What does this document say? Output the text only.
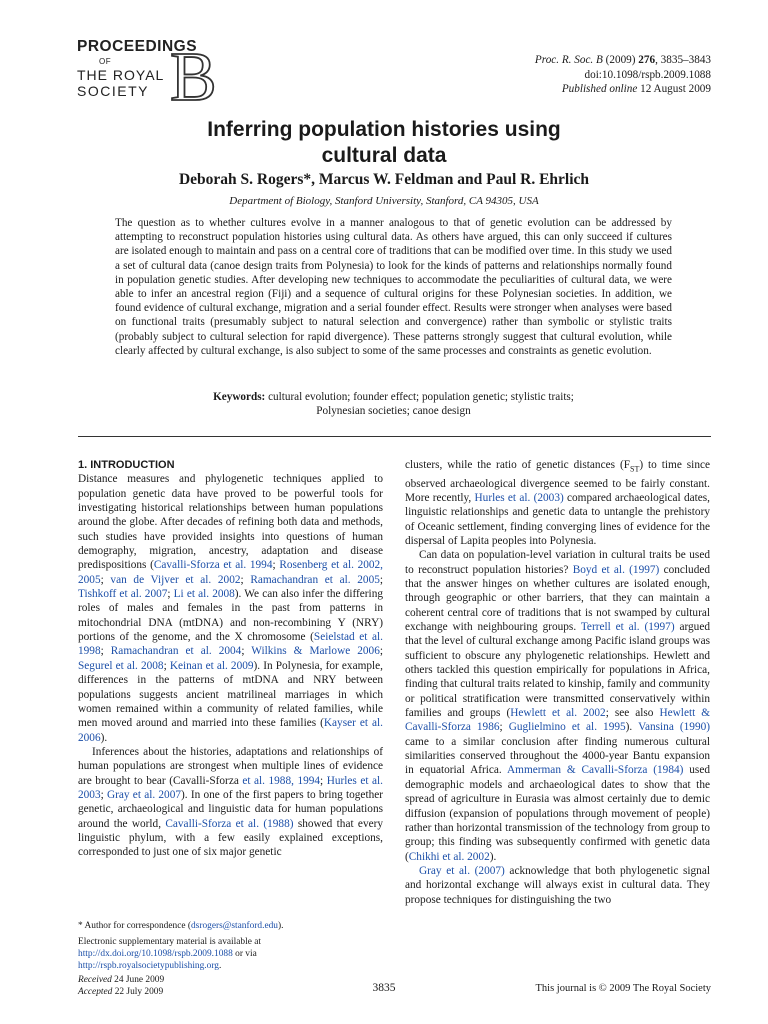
PROCEEDINGS
OF
THE ROYAL
SOCIETY B	Proc. R. Soc. B (2009) 276, 3835–3843
doi:10.1098/rspb.2009.1088
Published online 12 August 2009
Inferring population histories using
cultural data
Deborah S. Rogers*, Marcus W. Feldman and Paul R. Ehrlich
Department of Biology, Stanford University, Stanford, CA 94305, USA

The question as to whether cultures evolve in a manner analogous to that of genetic evolution can be addressed by attempting to reconstruct population histories using cultural data. As others have argued, this can only succeed if cultures are isolated enough to maintain and pass on a central core of traditions that can be modified over time. In this study we used a set of cultural data (canoe design traits from Polynesia) to look for the kinds of patterns and relationships normally found in population genetic studies. After developing new techniques to accommodate the peculiarities of cultural data, we were able to infer an ancestral region (Fiji) and a sequence of cultural origins for these Polynesian societies. In addition, we found evidence of cultural exchange, migration and a serial founder effect. Results were stronger when analyses were based on functional traits (presumably subject to natural selection and convergence) rather than symbolic or stylistic traits (probably subject to cultural selection for rapid divergence). These patterns strongly suggest that cultural evolution, while clearly affected by cultural exchange, is also subject to some of the same processes and constraints as genetic evolution.

Keywords: cultural evolution; founder effect; population genetic; stylistic traits;
Polynesian societies; canoe design
1. INTRODUCTION

Distance measures and phylogenetic techniques applied to population genetic data have proved to be powerful tools for investigating historical relationships between human populations around the globe. After decades of refining both data and methods, such studies have provided insights into questions of human demography, migration, ancestry, adaptation and disease predispositions (Cavalli-Sforza et al. 1994; Rosenberg et al. 2002, 2005; van de Vijver et al. 2002; Ramachandran et al. 2005; Tishkoff et al. 2007; Li et al. 2008). We can also infer the differing roles of males and females in the past from patterns in mitochondrial DNA (mtDNA) and non-recombining Y (NRY) portions of the genome, and the X chromosome (Seielstad et al. 1998; Ramachandran et al. 2004; Wilkins & Marlowe 2006; Segurel et al. 2008; Keinan et al. 2009). In Polynesia, for example, differences in the patterns of mtDNA and NRY between populations suggests ancient matrilineal marriages in which women remained within a community of related families, while men moved around and married into these families (Kayser et al. 2006).

Inferences about the histories, adaptations and relationships of human populations are strongest when multiple lines of evidence are brought to bear (Cavalli-Sforza et al. 1988, 1994; Hurles et al. 2003; Gray et al. 2007). In one of the first papers to bring together genetic, archaeological and linguistic data for human populations around the world, Cavalli-Sforza et al. (1988) showed that every linguistic phylum, with a few easily explained exceptions, corresponded to just one of six major genetic

clusters, while the ratio of genetic distances $(F_{ST})$ to time since observed archaeological divergence seemed to be fairly constant. More recently, Hurles et al. (2003) compared archaeological dates, linguistic relationships and genetic data to untangle the prehistory of Oceanic settlement, finding converging lines of evidence for the dispersal of Lapita peoples into Polynesia.

Can data on population-level variation in cultural traits be used to reconstruct population histories? Boyd et al. (1997) concluded that the answer hinges on whether cultures are isolated enough, through geographic or other barriers, that they can maintain a coherent central core of traditions that is not swamped by cultural exchange with neighbouring groups. Terrell et al. (1997) argued that the level of cultural exchange among Pacific island groups was sufficient to obscure any phylogenetic relationships. Hewlett and others tackled this question empirically for populations in Africa, finding that cultural traits related to kinship, family and community or political stratification were transmitted conservatively within families and groups (Hewlett et al. 2002; see also Hewlett & Cavalli-Sforza 1986; Guglielmino et al. 1995). Vansina (1990) came to a similar conclusion after finding numerous cultural similarities conserved throughout the 4000-year Bantu expansion in equatorial Africa. Ammerman & Cavalli-Sforza (1984) used demographic models and archaeological dates to show that the spread of agriculture in Eurasia was almost certainly due to demic diffusion (expansion of populations through movement of people) rather than horizontal transmission of the technology from group to group; this finding was subsequently confirmed with genetic data (Chikhi et al. 2002).

Gray et al. (2007) acknowledge that both phylogenetic signal and horizontal exchange will always exist in cultural data. They propose techniques for distinguishing the two

* Author for correspondence (dsrogers@stanford.edu).
Electronic supplementary material is available at http://dx.doi.org/10.1098/rspb.2009.1088 or via http://rspb.royalsocietypublishing.org.
Received 24 June 2009
Accepted 22 July 2009	3835	This journal is © 2009 The Royal Society
